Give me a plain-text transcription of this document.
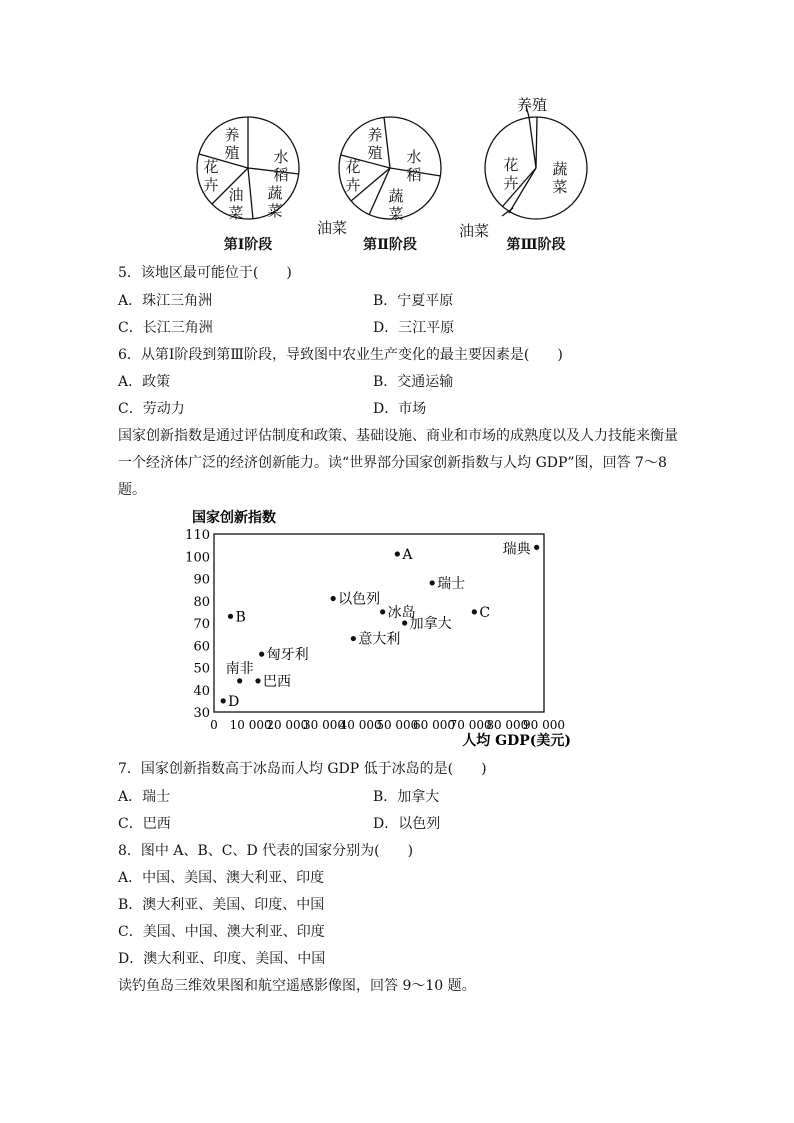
养殖 水稻
蔬菜
油菜
花卉
养殖 水稻
蔬菜
油菜
花卉
养殖
蔬菜
油菜
花卉
第Ⅰ阶段	第Ⅱ阶段	第Ⅲ阶段
5．该地区最可能位于(　　)
A．珠江三角洲	B．宁夏平原
C．长江三角洲	D．三江平原
6．从第Ⅰ阶段到第Ⅲ阶段，导致图中农业生产变化的最主要因素是(　　)
A．政策	B．交通运输
C．劳动力	D．市场
国家创新指数是通过评估制度和政策、基础设施、商业和市场的成熟度以及人力技能来衡量一个经济体广泛的经济创新能力。读“世界部分国家创新指数与人均 GDP”图，回答 7～8 题。
国家创新指数
30
40
50
60
70
80
90
100
110
0 10 000
20 000
30 000
40 000
50 000
60 000
70 000
80 000
90 000
瑞典
A
瑞士
以色列
冰岛	C
加拿大
B
意大利
匈牙利
南非
巴西
D
人均 GDP(美元)
7．国家创新指数高于冰岛而人均 GDP 低于冰岛的是(　　)
A．瑞士	B．加拿大
C．巴西	D．以色列
8．图中 A、B、C、D 代表的国家分别为(　　)
A．中国、美国、澳大利亚、印度
B．澳大利亚、美国、印度、中国
C．美国、中国、澳大利亚、印度
D．澳大利亚、印度、美国、中国
读钓鱼岛三维效果图和航空遥感影像图，回答 9～10 题。
